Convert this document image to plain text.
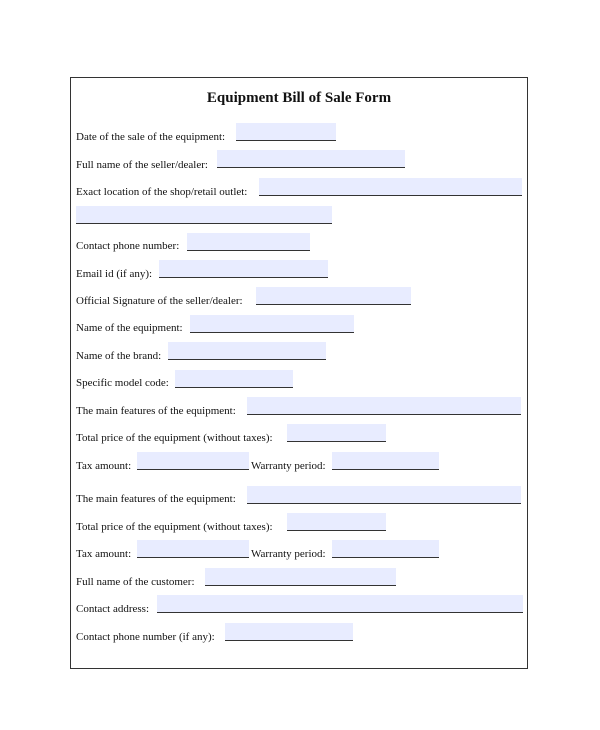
Equipment Bill of Sale Form
Date of the sale of the equipment:
Full name of the seller/dealer:
Exact location of the shop/retail outlet:
Contact phone number:
Email id (if any):
Official Signature of the seller/dealer:
Name of the equipment:
Name of the brand:
Specific model code:
The main features of the equipment:
Total price of the equipment (without taxes):
Tax amount:	Warranty period:
The main features of the equipment:
Total price of the equipment (without taxes):
Tax amount:	Warranty period:
Full name of the customer:
Contact address:
Contact phone number (if any):
